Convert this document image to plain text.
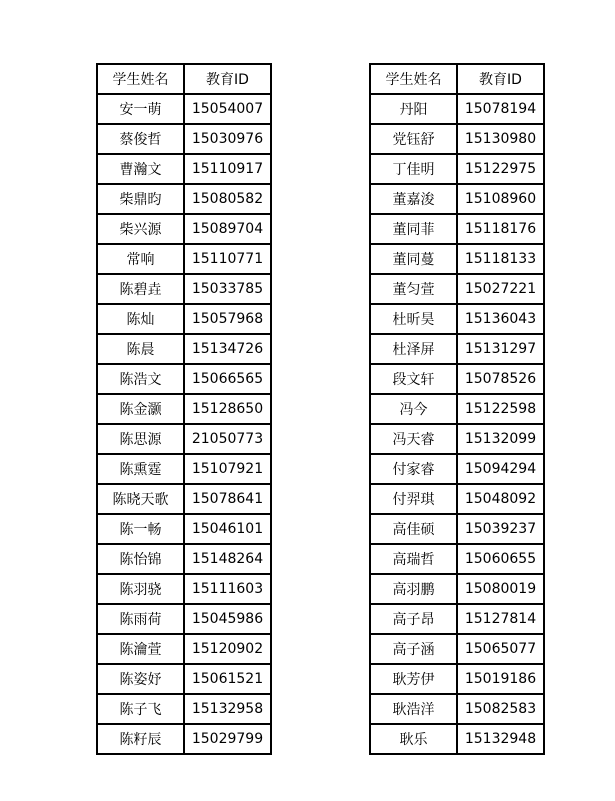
学生姓名	教育ID
安一萌	15054007
蔡俊哲	15030976
曹瀚文	15110917
柴鼎昀	15080582
柴兴源	15089704
常响	15110771
陈碧垚	15033785
陈灿	15057968
陈晨	15134726
陈浩文	15066565
陈金灏	15128650
陈思源	21050773
陈熏霆	15107921
陈晓天歌	15078641
陈一畅	15046101
陈怡锦	15148264
陈羽骁	15111603
陈雨荷	15045986
陈瀹萱	15120902
陈姿妤	15061521
陈子飞	15132958
陈籽辰	15029799
学生姓名	教育ID
丹阳	15078194
党钰舒	15130980
丁佳明	15122975
董嘉浚	15108960
董同菲	15118176
董同蔓	15118133
董匀萱	15027221
杜昕昊	15136043
杜泽屏	15131297
段文轩	15078526
冯今	15122598
冯天睿	15132099
付家睿	15094294
付羿琪	15048092
高佳硕	15039237
高瑞哲	15060655
高羽鹏	15080019
高子昂	15127814
高子涵	15065077
耿芳伊	15019186
耿浩洋	15082583
耿乐	15132948
